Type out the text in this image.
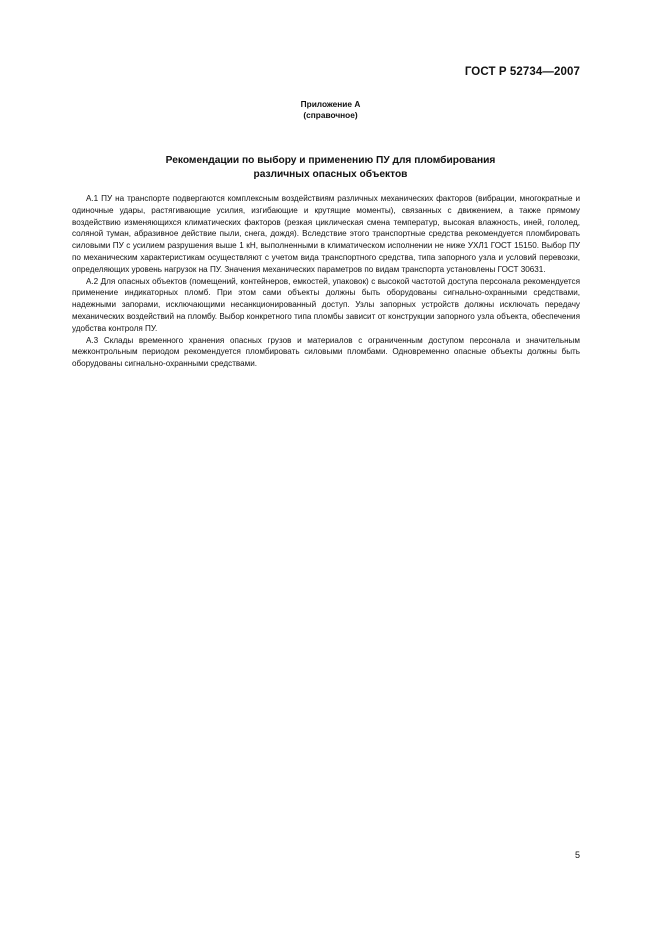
ГОСТ Р 52734—2007
Приложение А
(справочное)
Рекомендации по выбору и применению ПУ для пломбирования
различных опасных объектов

А.1 ПУ на транспорте подвергаются комплексным воздействиям различных механических факторов (вибрации, многократные и одиночные удары, растягивающие усилия, изгибающие и крутящие моменты), связанных с движением, а также прямому воздействию изменяющихся климатических факторов (резкая циклическая смена температур, высокая влажность, иней, гололед, соляной туман, абразивное действие пыли, снега, дождя). Вследствие этого транспортные средства рекомендуется пломбировать силовыми ПУ с усилием разрушения выше 1 кН, выполненными в климатическом исполнении не ниже УХЛ1 ГОСТ 15150. Выбор ПУ по механическим характеристикам осуществляют с учетом вида транспортного средства, типа запорного узла и условий перевозки, определяющих уровень нагрузок на ПУ. Значения механических параметров по видам транспорта установлены ГОСТ 30631.

А.2 Для опасных объектов (помещений, контейнеров, емкостей, упаковок) с высокой частотой доступа персонала рекомендуется применение индикаторных пломб. При этом сами объекты должны быть оборудованы сигнально-охранными средствами, надежными запорами, исключающими несанкционированный доступ. Узлы запорных устройств должны исключать передачу механических воздействий на пломбу. Выбор конкретного типа пломбы зависит от конструкции запорного узла объекта, обеспечения удобства контроля ПУ.

А.3 Склады временного хранения опасных грузов и материалов с ограниченным доступом персонала и значительным межконтрольным периодом рекомендуется пломбировать силовыми пломбами. Одновременно опасные объекты должны быть оборудованы сигнально-охранными средствами.

5
